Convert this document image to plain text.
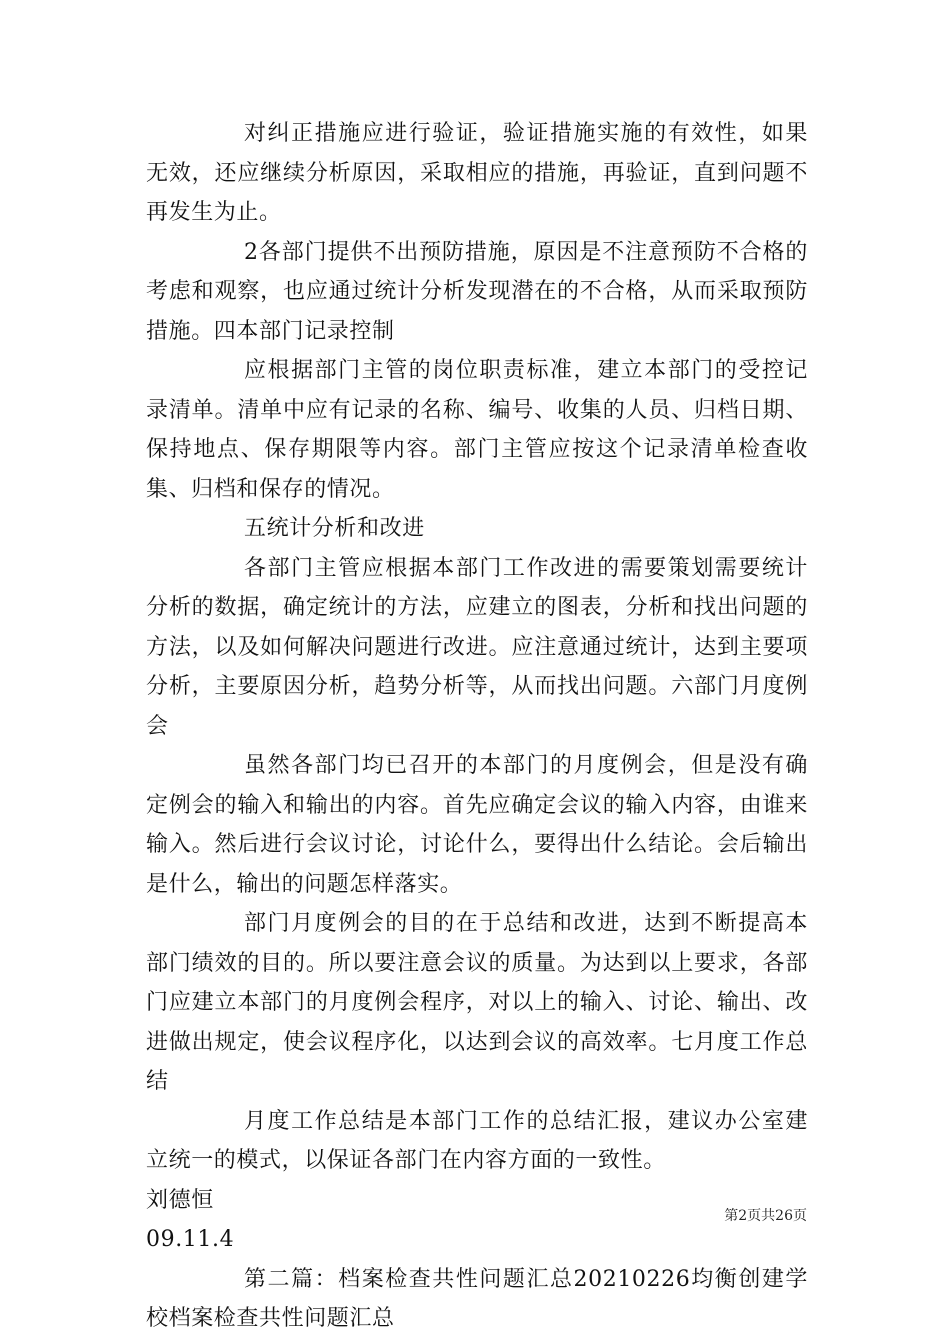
对纠正措施应进行验证，验证措施实施的有效性，如果无效，还应继续分析原因，采取相应的措施，再验证，直到问题不再发生为止。

2各部门提供不出预防措施，原因是不注意预防不合格的考虑和观察，也应通过统计分析发现潜在的不合格，从而采取预防措施。四本部门记录控制

应根据部门主管的岗位职责标准，建立本部门的受控记录清单。清单中应有记录的名称、编号、收集的人员、归档日期、保持地点、保存期限等内容。部门主管应按这个记录清单检查收集、归档和保存的情况。

五统计分析和改进

各部门主管应根据本部门工作改进的需要策划需要统计分析的数据，确定统计的方法，应建立的图表，分析和找出问题的方法，以及如何解决问题进行改进。应注意通过统计，达到主要项分析，主要原因分析，趋势分析等，从而找出问题。六部门月度例会

虽然各部门均已召开的本部门的月度例会，但是没有确定例会的输入和输出的内容。首先应确定会议的输入内容，由谁来输入。然后进行会议讨论，讨论什么，要得出什么结论。会后输出是什么，输出的问题怎样落实。

部门月度例会的目的在于总结和改进，达到不断提高本部门绩效的目的。所以要注意会议的质量。为达到以上要求，各部门应建立本部门的月度例会程序，对以上的输入、讨论、输出、改进做出规定，使会议程序化，以达到会议的高效率。七月度工作总结

月度工作总结是本部门工作的总结汇报，建议办公室建立统一的模式，以保证各部门在内容方面的一致性。

刘德恒

09.11.4

第二篇：档案检查共性问题汇总20210226均衡创建学校档案检查共性问题汇总

第2页共26页
